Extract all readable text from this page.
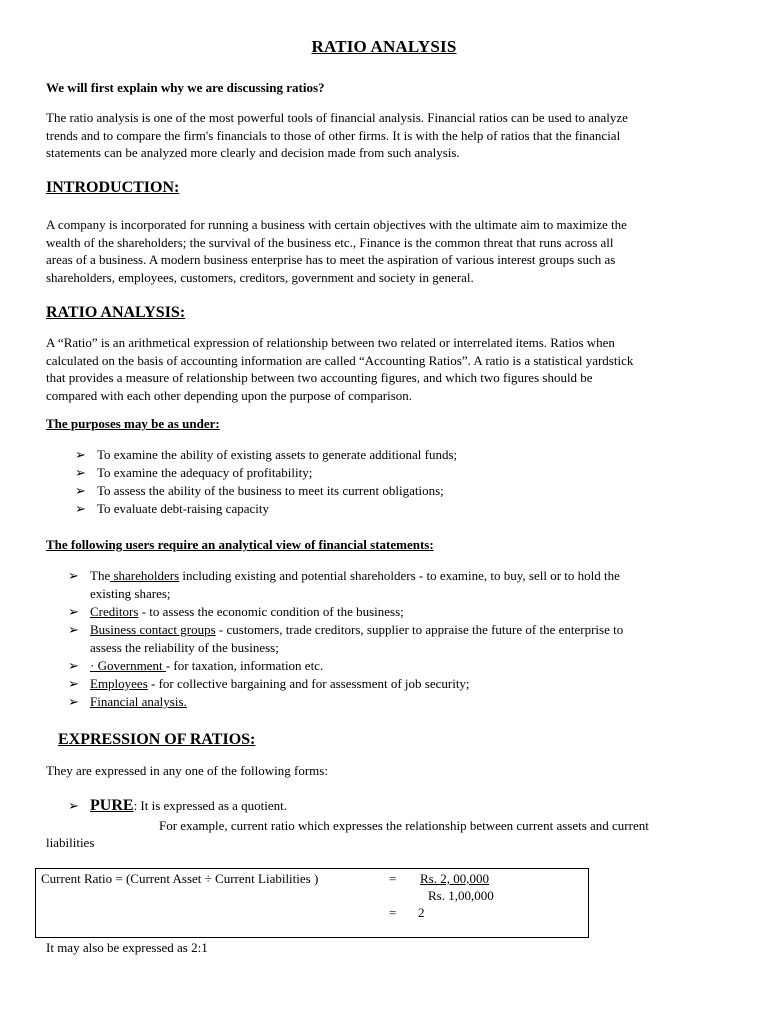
RATIO ANALYSIS
We will first explain why we are discussing ratios?
The ratio analysis is one of the most powerful tools of financial analysis. Financial ratios can be used to analyze
trends and to compare the firm's financials to those of other firms. It is with the help of ratios that the financial
statements can be analyzed more clearly and decision made from such analysis.
INTRODUCTION:
A company is incorporated for running a business with certain objectives with the ultimate aim to maximize the
wealth of the shareholders; the survival of the business etc., Finance is the common threat that runs across all
areas of a business. A modern business enterprise has to meet the aspiration of various interest groups such as
shareholders, employees, customers, creditors, government and society in general.
RATIO ANALYSIS:
A “Ratio” is an arithmetical expression of relationship between two related or interrelated items. Ratios when
calculated on the basis of accounting information are called “Accounting Ratios”. A ratio is a statistical yardstick
that provides a measure of relationship between two accounting figures, and which two figures should be
compared with each other depending upon the purpose of comparison.
The purposes may be as under:
➢ To examine the ability of existing assets to generate additional funds;
➢ To examine the adequacy of profitability;
➢ To assess the ability of the business to meet its current obligations;
➢ To evaluate debt-raising capacity
The following users require an analytical view of financial statements:
➢ The shareholders including existing and potential shareholders - to examine, to buy, sell or to hold the
existing shares;
➢ Creditors - to assess the economic condition of the business;
➢ Business contact groups - customers, trade creditors, supplier to appraise the future of the enterprise to
assess the reliability of the business;
➢ · Government - for taxation, information etc.
➢ Employees - for collective bargaining and for assessment of job security;
➢ Financial analysis.
EXPRESSION OF RATIOS:
They are expressed in any one of the following forms:
➢ PURE: It is expressed as a quotient.
For example, current ratio which expresses the relationship between current assets and current
liabilities
Current Ratio = (Current Asset ÷ Current Liabilities )	= Rs. 2, 00,000
Rs. 1,00,000
= 2
It may also be expressed as 2:1
